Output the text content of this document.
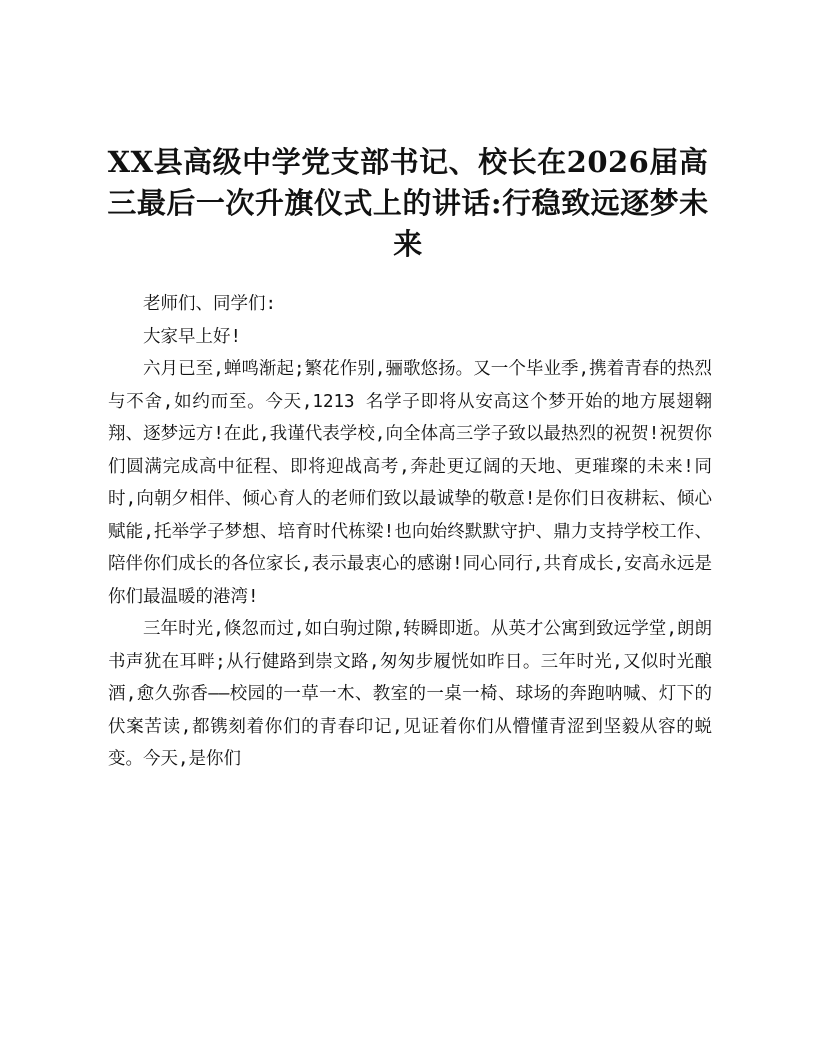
XX县高级中学党支部书记、校长在2026届高三最后一次升旗仪式上的讲话:行稳致远逐梦未来

老师们、同学们:

大家早上好!

六月已至,蝉鸣渐起;繁花作别,骊歌悠扬。又一个毕业季,携着青春的热烈与不舍,如约而至。今天,1213 名学子即将从安高这个梦开始的地方展翅翱翔、逐梦远方!在此,我谨代表学校,向全体高三学子致以最热烈的祝贺!祝贺你们圆满完成高中征程、即将迎战高考,奔赴更辽阔的天地、更璀璨的未来!同时,向朝夕相伴、倾心育人的老师们致以最诚挚的敬意!是你们日夜耕耘、倾心赋能,托举学子梦想、培育时代栋梁!也向始终默默守护、鼎力支持学校工作、陪伴你们成长的各位家长,表示最衷心的感谢!同心同行,共育成长,安高永远是你们最温暖的港湾!

三年时光,倏忽而过,如白驹过隙,转瞬即逝。从英才公寓到致远学堂,朗朗书声犹在耳畔;从行健路到崇文路,匆匆步履恍如昨日。三年时光,又似时光酿酒,愈久弥香——校园的一草一木、教室的一桌一椅、球场的奔跑呐喊、灯下的伏案苦读,都镌刻着你们的青春印记,见证着你们从懵懂青涩到坚毅从容的蜕变。今天,是你们
